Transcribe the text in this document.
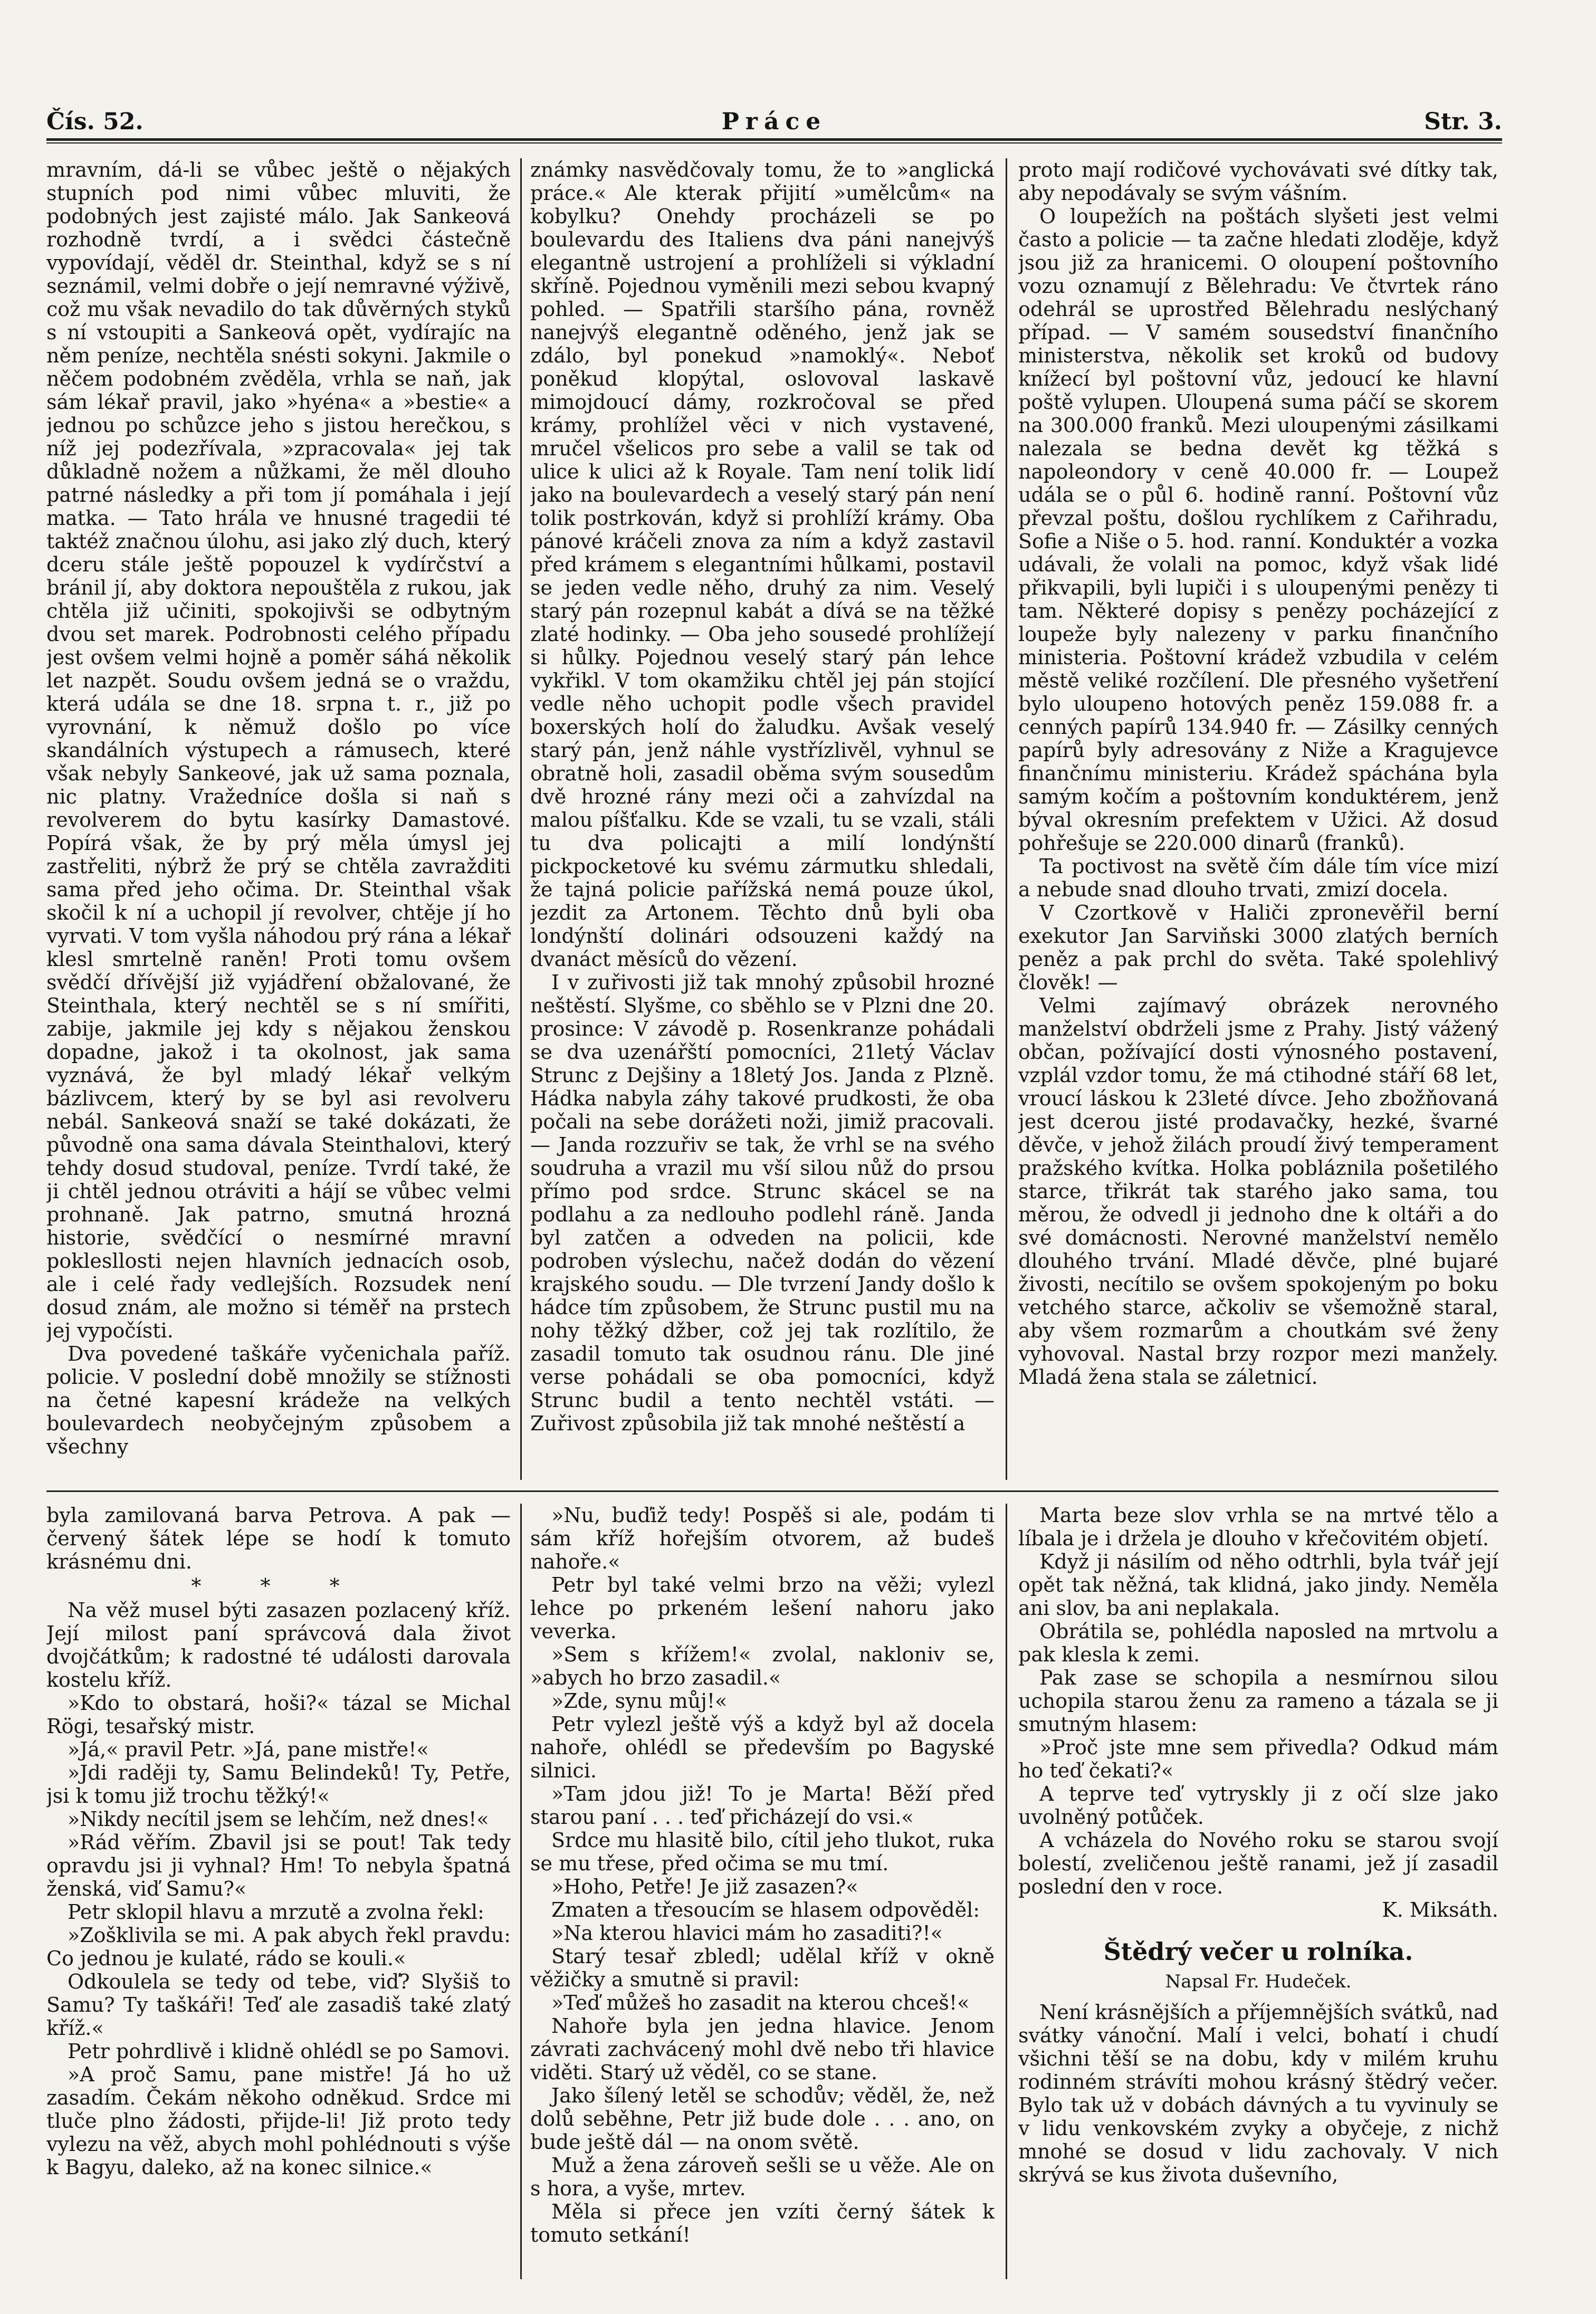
Čís. 52.	Práce	Str. 3.

mravním, dá-li se vůbec ještě o nějakých stupních pod nimi vůbec mluviti, že podobných jest zajisté málo. Jak Sankeová rozhodně tvrdí, a i svědci částečně vypovídají, věděl dr. Steinthal, když se s ní seznámil, velmi dobře o její nemravné výživě, což mu však nevadilo do tak důvěrných styků s ní vstoupiti a Sankeová opět, vydírajíc na něm peníze, nechtěla snésti sokyni. Jakmile o něčem podobném zvěděla, vrhla se naň, jak sám lékař pravil, jako »hyéna« a »bestie« a jednou po schůzce jeho s jistou herečkou, s níž jej podezřívala, »zpracovala« jej tak důkladně nožem a nůžkami, že měl dlouho patrné následky a při tom jí pomáhala i její matka. — Tato hrála ve hnusné tragedii té taktéž značnou úlohu, asi jako zlý duch, který dceru stále ještě popouzel k vydírčství a bránil jí, aby doktora nepouštěla z rukou, jak chtěla již učiniti, spokojivši se odbytným dvou set marek. Podrobnosti celého případu jest ovšem velmi hojně a poměr sáhá několik let nazpět. Soudu ovšem jedná se o vraždu, která udála se dne 18. srpna t. r., již po vyrovnání, k němuž došlo po více skandálních výstupech a rámusech, které však nebyly Sankeové, jak už sama poznala, nic platny. Vražedníce došla si naň s revolverem do bytu kasírky Damastové. Popírá však, že by prý měla úmysl jej zastřeliti, nýbrž že prý se chtěla zavražditi sama před jeho očima. Dr. Steinthal však skočil k ní a uchopil jí revolver, chtěje jí ho vyrvati. V tom vyšla náhodou prý rána a lékař klesl smrtelně raněn! Proti tomu ovšem svědčí dřívější již vyjádření obžalované, že Steinthala, který nechtěl se s ní smířiti, zabije, jakmile jej kdy s nějakou ženskou dopadne, jakož i ta okolnost, jak sama vyznává, že byl mladý lékař velkým bázlivcem, který by se byl asi revolveru nebál. Sankeová snaží se také dokázati, že původně ona sama dávala Steinthalovi, který tehdy dosud studoval, peníze. Tvrdí také, že ji chtěl jednou otráviti a hájí se vůbec velmi prohnaně. Jak patrno, smutná hrozná historie, svědčící o nesmírné mravní poklesllosti nejen hlavních jednacích osob, ale i celé řady vedlejších. Rozsudek není dosud znám, ale možno si téměř na prstech jej vypočísti.

Dva povedené taškáře vyčenichala paříž. policie. V poslední době množily se stížnosti na četné kapesní krádeže na velkých boulevardech neobyčejným způsobem a všechny

známky nasvědčovaly tomu, že to »anglická práce.« Ale kterak přijití »umělcům« na kobylku? Onehdy procházeli se po boulevardu des Italiens dva páni nanejvýš elegantně ustrojení a prohlíželi si výkladní skříně. Pojednou vyměnili mezi sebou kvapný pohled. — Spatřili staršího pána, rovněž nanejvýš elegantně oděného, jenž jak se zdálo, byl ponekud »namoklý«. Neboť poněkud klopýtal, oslovoval laskavě mimojdoucí dámy, rozkročoval se před krámy, prohlížel věci v nich vystavené, mručel všelicos pro sebe a valil se tak od ulice k ulici až k Royale. Tam není tolik lidí jako na boulevardech a veselý starý pán není tolik postrkován, když si prohlíží krámy. Oba pánové kráčeli znova za ním a když zastavil před krámem s elegantními hůlkami, postavil se jeden vedle něho, druhý za nim. Veselý starý pán rozepnul kabát a dívá se na těžké zlaté hodinky. — Oba jeho sousedé prohlížejí si hůlky. Pojednou veselý starý pán lehce vykřikl. V tom okamžiku chtěl jej pán stojící vedle něho uchopit podle všech pravidel boxerských holí do žaludku. Avšak veselý starý pán, jenž náhle vystřízlivěl, vyhnul se obratně holi, zasadil oběma svým sousedům dvě hrozné rány mezi oči a zahvízdal na malou píšťalku. Kde se vzali, tu se vzali, stáli tu dva policajti a milí londýnští pickpocketové ku svému zármutku shledali, že tajná policie pařížská nemá pouze úkol, jezdit za Artonem. Těchto dnů byli oba londýnští dolinári odsouzeni každý na dvanáct měsíců do vězení.

I v zuřivosti již tak mnohý způsobil hrozné neštěstí. Slyšme, co sběhlo se v Plzni dne 20. prosince: V závodě p. Rosenkranze pohádali se dva uzenářští pomocníci, 21letý Václav Strunc z Dejšiny a 18letý Jos. Janda z Plzně. Hádka nabyla záhy takové prudkosti, že oba počali na sebe dorážeti noži, jimiž pracovali. — Janda rozzuřiv se tak, že vrhl se na svého soudruha a vrazil mu vší silou nůž do prsou přímo pod srdce. Strunc skácel se na podlahu a za nedlouho podlehl ráně. Janda byl zatčen a odveden na policii, kde podroben výslechu, načež dodán do vězení krajského soudu. — Dle tvrzení Jandy došlo k hádce tím způsobem, že Strunc pustil mu na nohy těžký džber, což jej tak rozlítilo, že zasadil tomuto tak osudnou ránu. Dle jiné verse pohádali se oba pomocníci, když Strunc budil a tento nechtěl vstáti. — Zuřivost způsobila již tak mnohé neštěstí a

proto mají rodičové vychovávati své dítky tak, aby nepodávaly se svým vášním.

O loupežích na poštách slyšeti jest velmi často a policie — ta začne hledati zloděje, když jsou již za hranicemi. O oloupení poštovního vozu oznamují z Bělehradu: Ve čtvrtek ráno odehrál se uprostřed Bělehradu neslýchaný případ. — V samém sousedství finančního ministerstva, několik set kroků od budovy knížecí byl poštovní vůz, jedoucí ke hlavní poště vylupen. Uloupená suma páčí se skorem na 300.000 franků. Mezi uloupenými zásilkami nalezala se bedna devět kg těžká s napoleondory v ceně 40.000 fr. — Loupež udála se o půl 6. hodině ranní. Poštovní vůz převzal poštu, došlou rychlíkem z Cařihradu, Sofie a Niše o 5. hod. ranní. Konduktér a vozka udávali, že volali na pomoc, když však lidé přikvapili, byli lupiči i s uloupenými penězy ti tam. Některé dopisy s penězy pocházející z loupeže byly nalezeny v parku finančního ministeria. Poštovní krádež vzbudila v celém městě veliké rozčílení. Dle přesného vyšetření bylo uloupeno hotových peněz 159.088 fr. a cenných papírů 134.940 fr. — Zásilky cenných papírů byly adresovány z Niže a Kragujevce finančnímu ministeriu. Krádež spáchána byla samým kočím a poštovním konduktérem, jenž býval okresním prefektem v Užici. Až dosud pohřešuje se 220.000 dinarů (franků).

Ta poctivost na světě čím dále tím více mizí a nebude snad dlouho trvati, zmizí docela.

V Czortkově v Haliči zpronevěřil berní exekutor Jan Sarviňski 3000 zlatých berních peněz a pak prchl do světa. Také spolehlivý člověk! —

Velmi zajímavý obrázek nerovného manželství obdrželi jsme z Prahy. Jistý vážený občan, požívající dosti výnosného postavení, vzplál vzdor tomu, že má ctihodné stáří 68 let, vroucí láskou k 23leté dívce. Jeho zbožňovaná jest dcerou jisté prodavačky, hezké, švarné děvče, v jehož žilách proudí živý temperament pražského kvítka. Holka pobláznila pošetilého starce, třikrát tak starého jako sama, tou měrou, že odvedl ji jednoho dne k oltáři a do své domácnosti. Nerovné manželství nemělo dlouhého trvání. Mladé děvče, plné bujaré živosti, necítilo se ovšem spokojeným po boku vetchého starce, ačkoliv se všemožně staral, aby všem rozmarům a choutkám své ženy vyhovoval. Nastal brzy rozpor mezi manžely. Mladá žena stala se záletnicí.

byla zamilovaná barva Petrova. A pak — červený šátek lépe se hodí k tomuto krásnému dni.

* * *

Na věž musel býti zasazen pozlacený kříž. Její milost paní správcová dala život dvojčátkům; k radostné té události darovala kostelu kříž.

»Kdo to obstará, hoši?« tázal se Michal Rögi, tesařský mistr.

»Já,« pravil Petr. »Já, pane mistře!«

»Jdi raději ty, Samu Belindeků! Ty, Petře, jsi k tomu již trochu těžký!«

»Nikdy necítil jsem se lehčím, než dnes!«

»Rád věřím. Zbavil jsi se pout! Tak tedy opravdu jsi ji vyhnal? Hm! To nebyla špatná ženská, viď Samu?«

Petr sklopil hlavu a mrzutě a zvolna řekl:

»Zošklivila se mi. A pak abych řekl pravdu: Co jednou je kulaté, rádo se kouli.«

Odkoulela se tedy od tebe, viď? Slyšiš to Samu? Ty taškáři! Teď ale zasadiš také zlatý kříž.«

Petr pohrdlivě i klidně ohlédl se po Samovi.

»A proč Samu, pane mistře! Já ho už zasadím. Čekám někoho odněkud. Srdce mi tluče plno žádosti, přijde-li! Již proto tedy vylezu na věž, abych mohl pohlédnouti s výše k Bagyu, daleko, až na konec silnice.«

»Nu, buďiž tedy! Pospěš si ale, podám ti sám kříž hořejším otvorem, až budeš nahoře.«

Petr byl také velmi brzo na věži; vylezl lehce po prkeném lešení nahoru jako veverka.

»Sem s křížem!« zvolal, nakloniv se, »abych ho brzo zasadil.«

»Zde, synu můj!«

Petr vylezl ještě výš a když byl až docela nahoře, ohlédl se především po Bagyské silnici.

»Tam jdou již! To je Marta! Běží před starou paní . . . teď přicházejí do vsi.«

Srdce mu hlasitě bilo, cítil jeho tlukot, ruka se mu třese, před očima se mu tmí.

»Hoho, Petře! Je již zasazen?«

Zmaten a třesoucím se hlasem odpověděl:

»Na kterou hlavici mám ho zasaditi?!«

Starý tesař zbledl; udělal kříž v okně věžičky a smutně si pravil:

»Teď můžeš ho zasadit na kterou chceš!«

Nahoře byla jen jedna hlavice. Jenom závrati zachvácený mohl dvě nebo tři hlavice viděti. Starý už věděl, co se stane.

Jako šílený letěl se schodův; věděl, že, než dolů seběhne, Petr již bude dole . . . ano, on bude ještě dál — na onom světě.

Muž a žena zároveň sešli se u věže. Ale on s hora, a vyše, mrtev.

Měla si přece jen vzíti černý šátek k tomuto setkání!

Marta beze slov vrhla se na mrtvé tělo a líbala je i držela je dlouho v křečovitém objetí.

Když ji násilím od něho odtrhli, byla tvář její opět tak něžná, tak klidná, jako jindy. Neměla ani slov, ba ani neplakala.

Obrátila se, pohlédla naposled na mrtvolu a pak klesla k zemi.

Pak zase se schopila a nesmírnou silou uchopila starou ženu za rameno a tázala se ji smutným hlasem:

»Proč jste mne sem přivedla? Odkud mám ho teď čekati?«

A teprve teď vytryskly ji z očí slze jako uvolněný potůček.

A vcházela do Nového roku se starou svojí bolestí, zveličenou ještě ranami, jež jí zasadil poslední den v roce.

K. Miksáth.

Štědrý večer u rolníka.

Napsal Fr. Hudeček.

Není krásnějších a příjemnějších svátků, nad svátky vánoční. Malí i velci, bohatí i chudí všichni těší se na dobu, kdy v milém kruhu rodinném strávíti mohou krásný štědrý večer. Bylo tak už v dobách dávných a tu vyvinuly se v lidu venkovském zvyky a obyčeje, z nichž mnohé se dosud v lidu zachovaly. V nich skrývá se kus života duševního,
